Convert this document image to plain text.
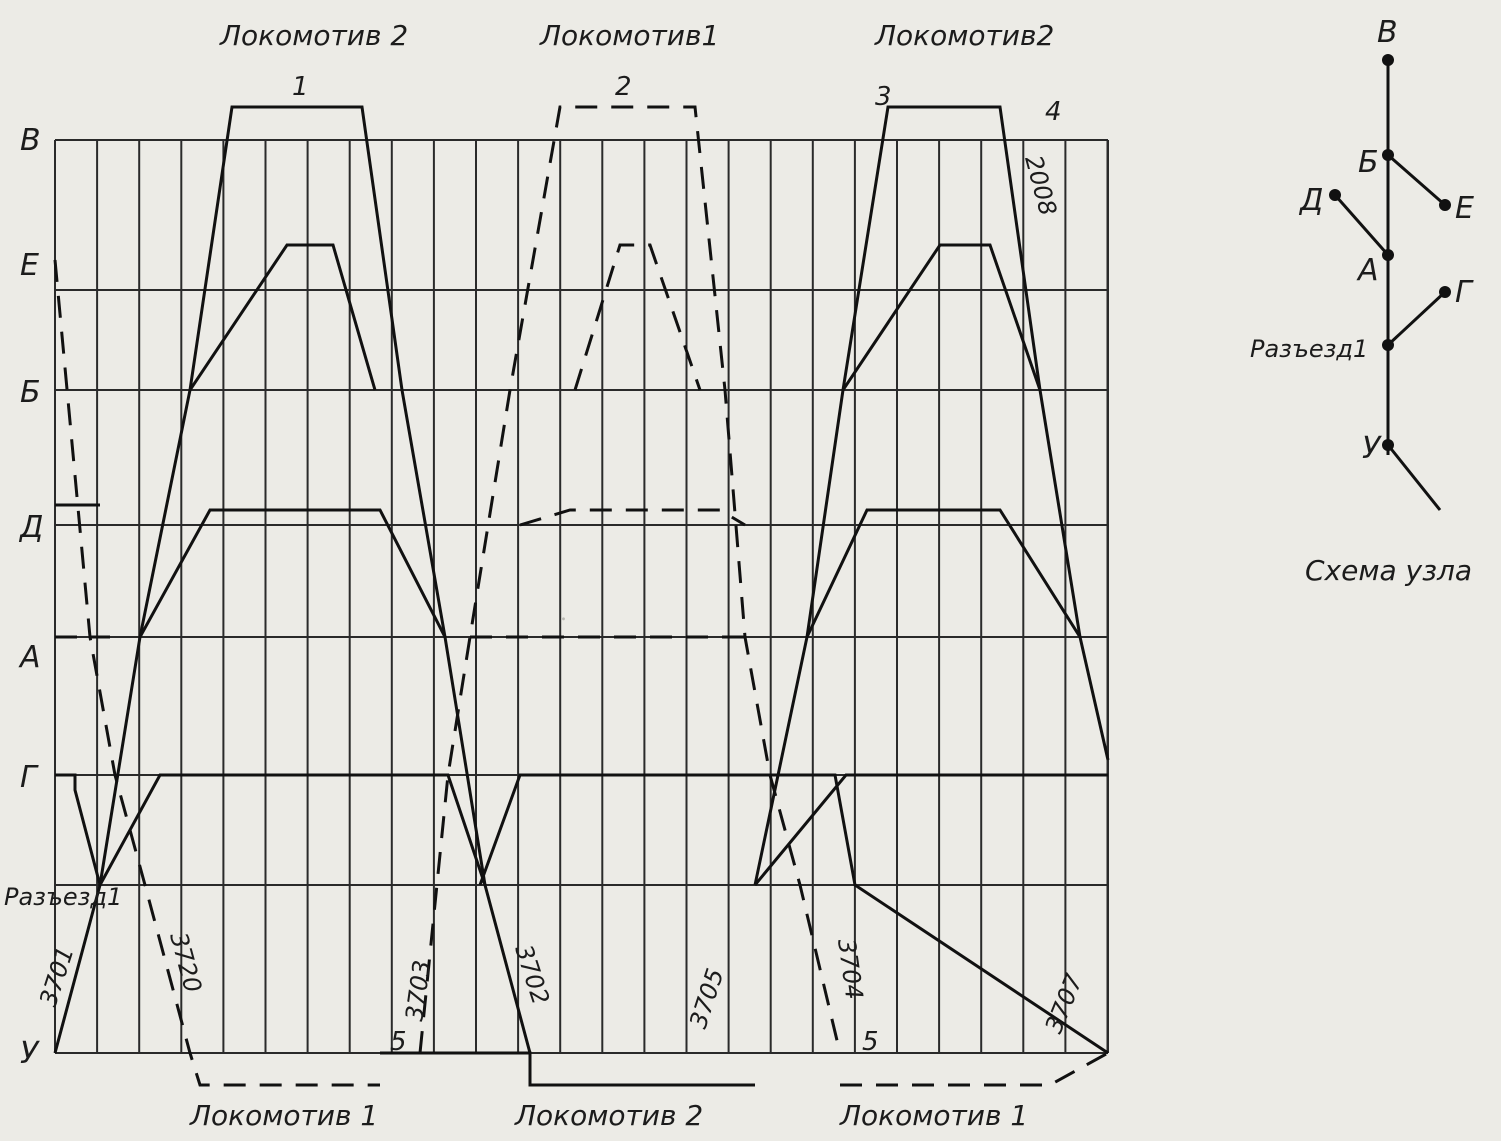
.
В
Е
Б
Д
А
Г
Разъезд1
У
Локомотив 2	Локомотив1	Локомотив2
1	2	3	4
Локомотив 1	Локомотив 2	Локомотив 1
5	5
3701	3720	3703	3702	3705	3704
3707
2008
В
Б
Д	Е
А
Г
Разъезд1
У
Схема узла
